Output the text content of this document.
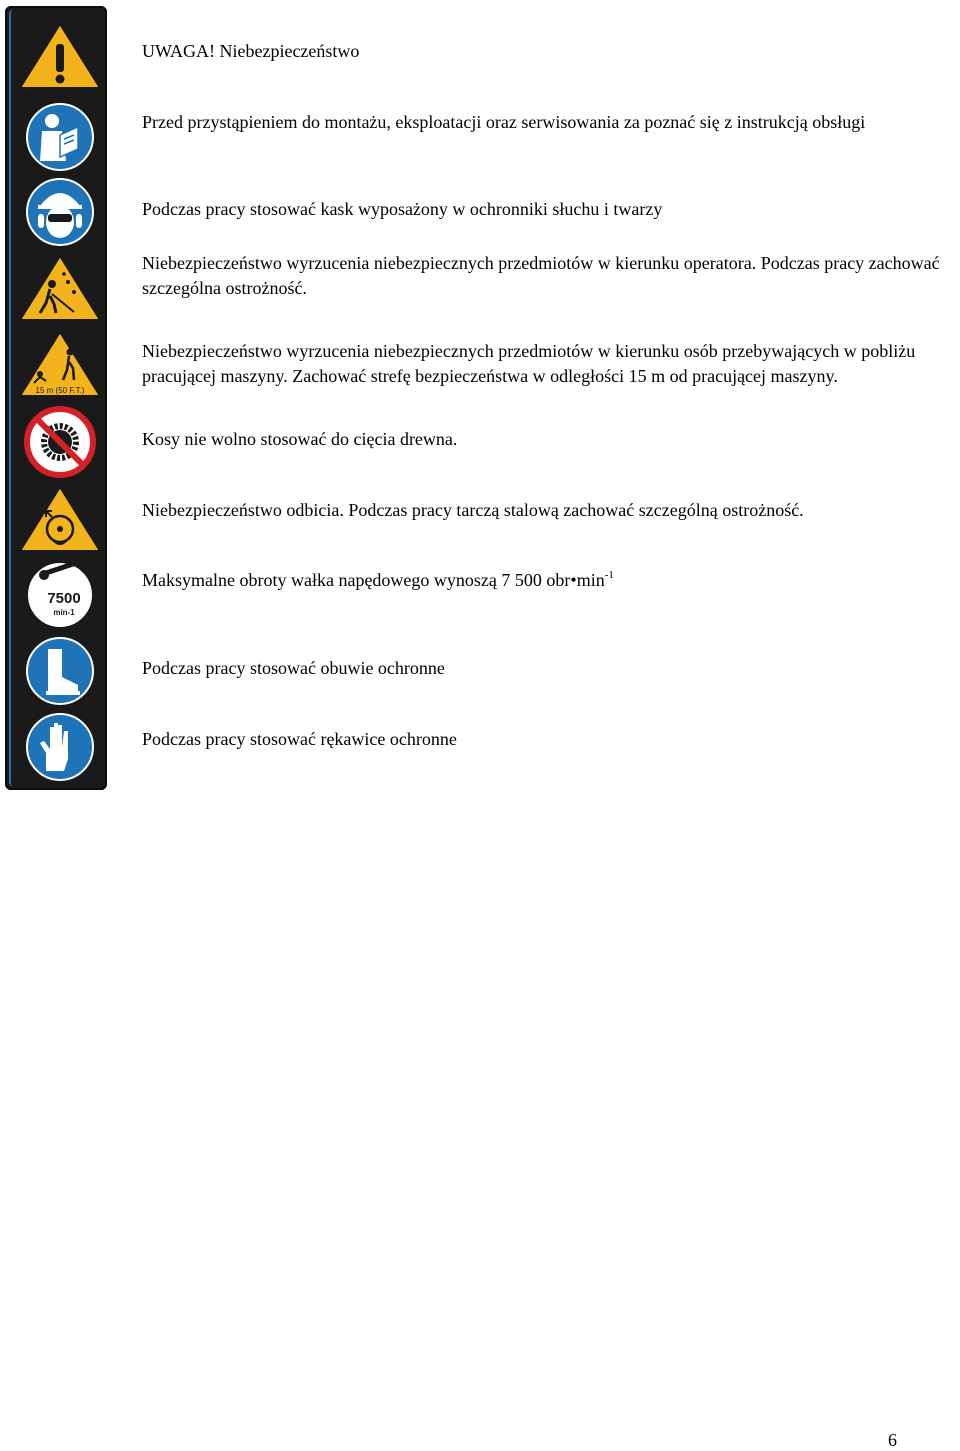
15 m (50 F.T.)
7500
min-1
UWAGA! Niebezpieczeństwo
Przed przystąpieniem do montażu, eksploatacji oraz serwisowania za poznać się z instrukcją obsługi
Podczas pracy stosować kask wyposażony w ochronniki słuchu i twarzy
Niebezpieczeństwo wyrzucenia niebezpiecznych przedmiotów w kierunku operatora. Podczas pracy zachować szczególna ostrożność.
Niebezpieczeństwo wyrzucenia niebezpiecznych przedmiotów w kierunku osób przebywających w pobliżu pracującej maszyny. Zachować strefę bezpieczeństwa w odległości 15 m od pracującej maszyny.
Kosy nie wolno stosować do cięcia drewna.
Niebezpieczeństwo odbicia. Podczas pracy tarczą stalową zachować szczególną ostrożność.
Maksymalne obroty wałka napędowego wynoszą 7 500 $obr•\min^{-1}$
Podczas pracy stosować obuwie ochronne
Podczas pracy stosować rękawice ochronne
6
